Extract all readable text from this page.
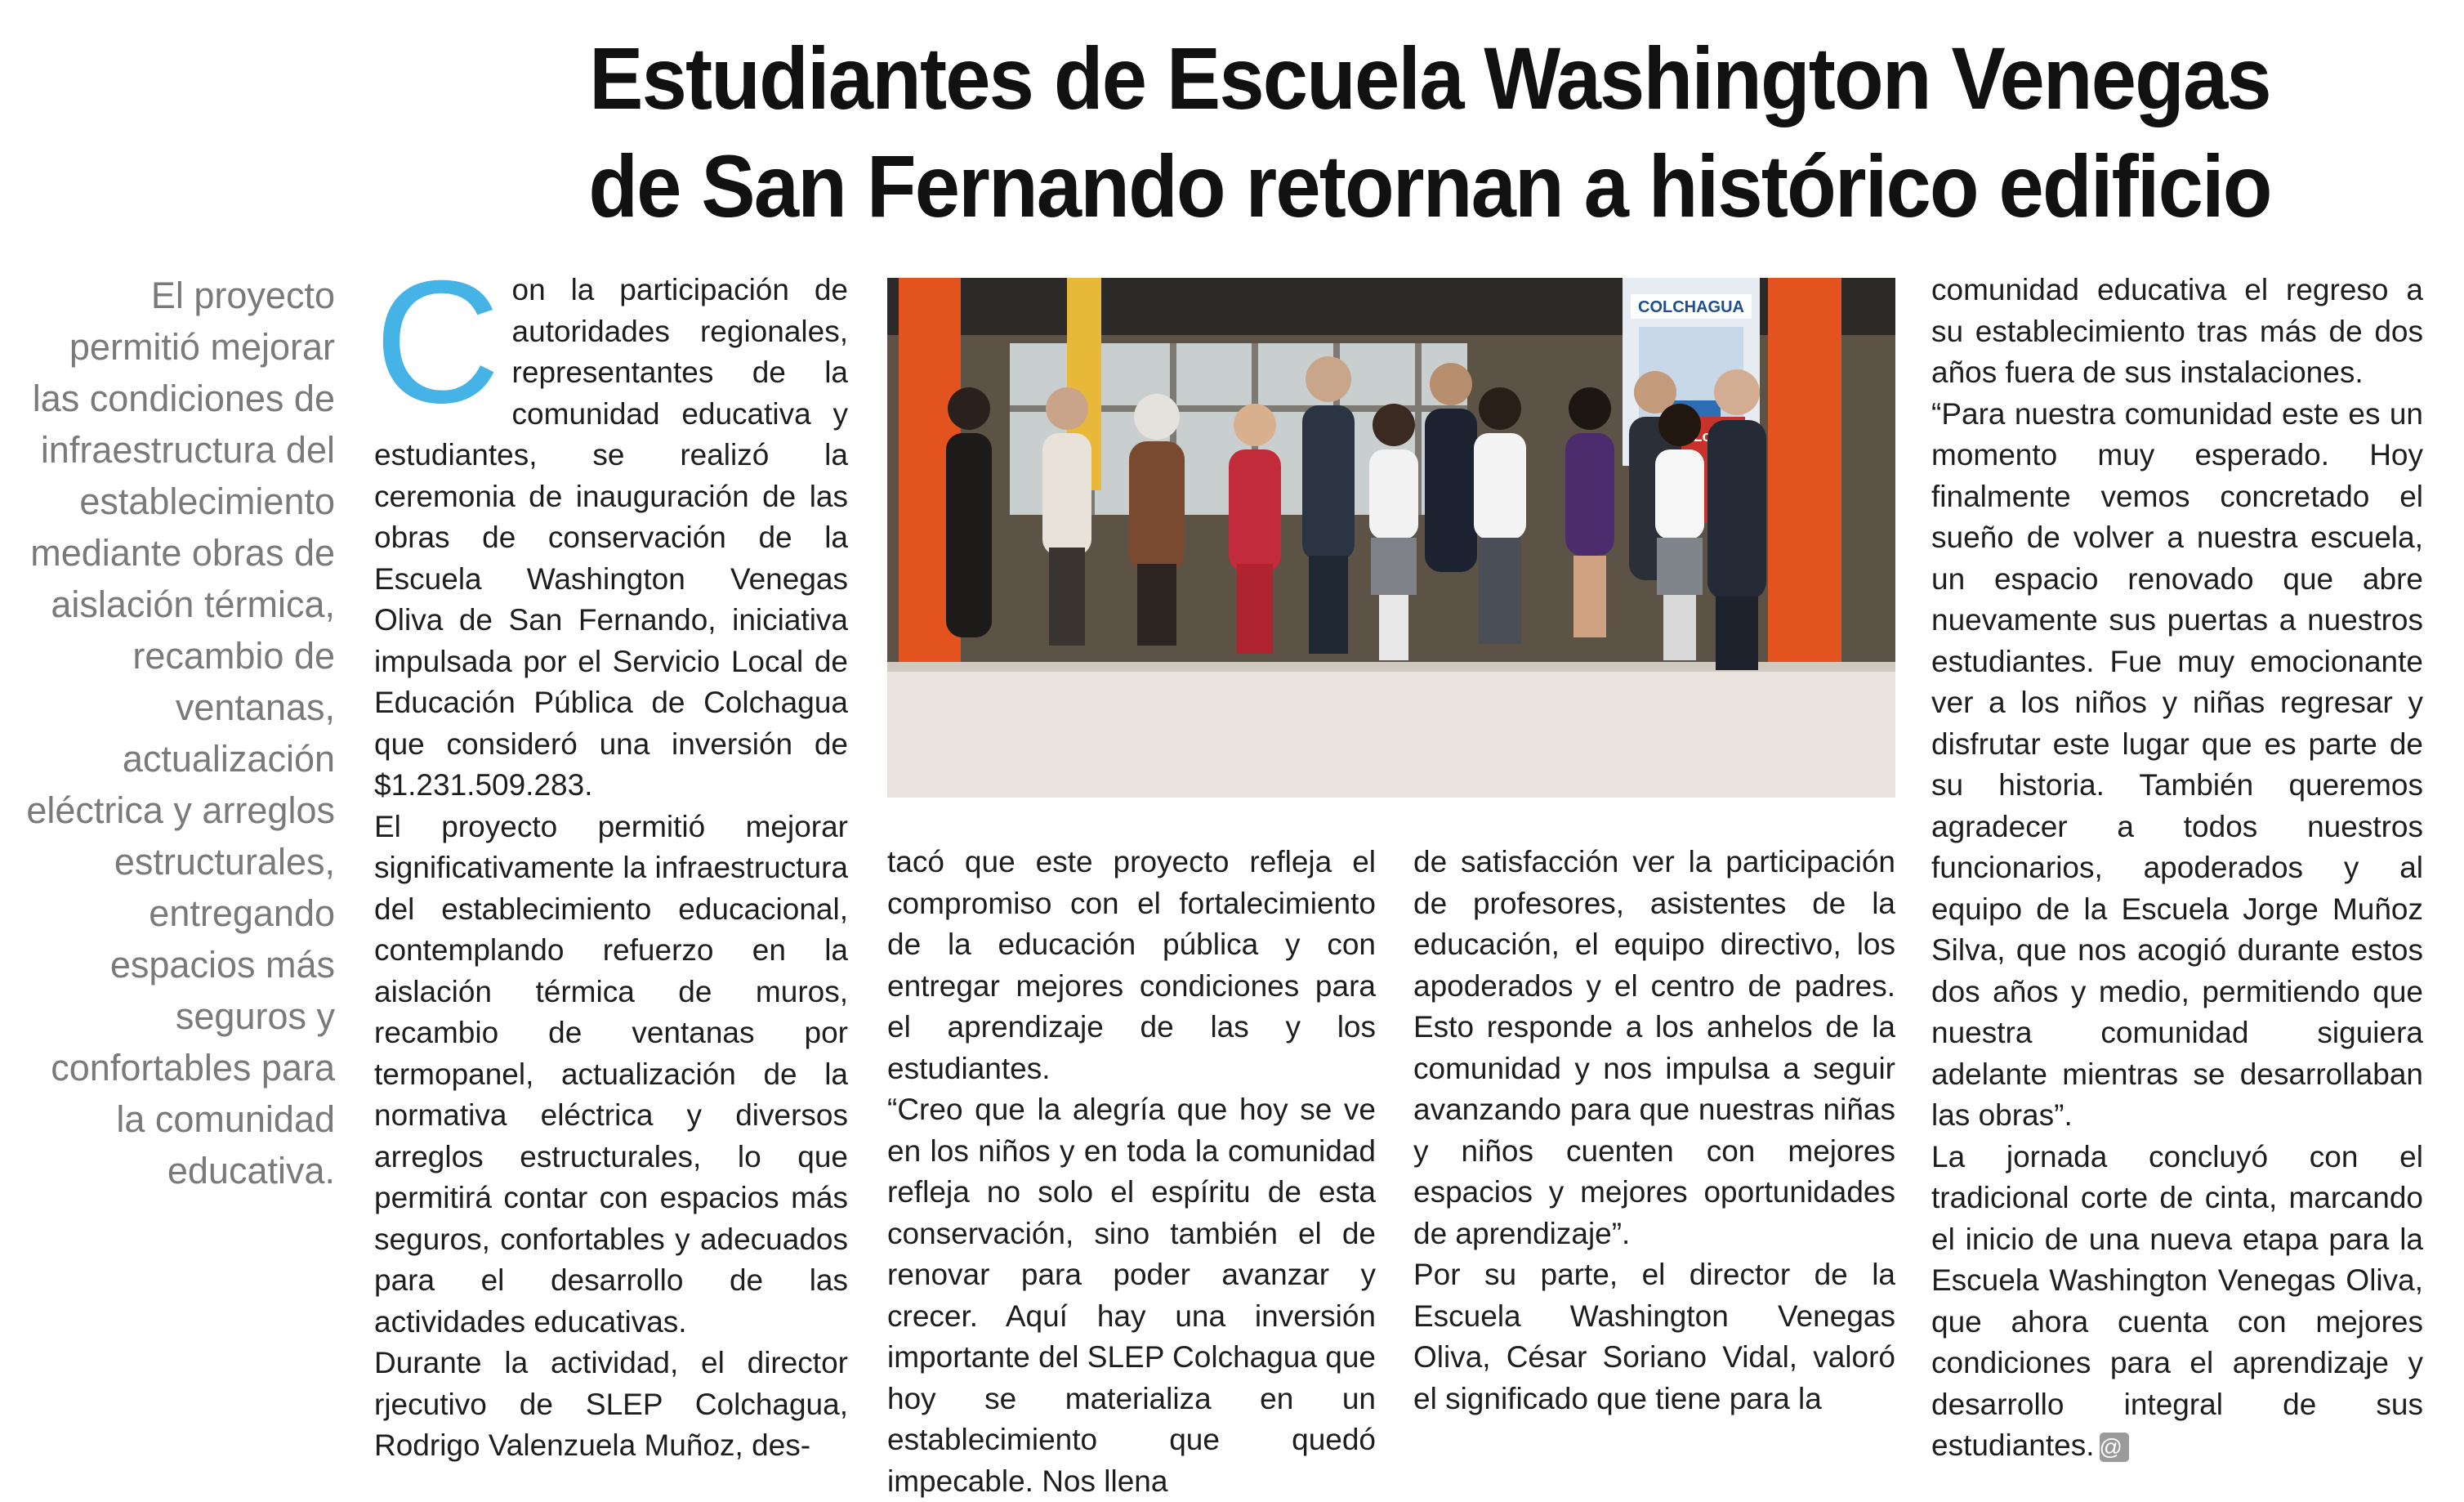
Estudiantes de Escuela Washington Venegas
de San Fernando retornan a histórico edificio
El proyecto permitió mejorar las condiciones de infraestructura del establecimiento mediante obras de aislación térmica, recambio de ventanas, actualización eléctrica y arreglos estructurales, entregando espacios más seguros y confortables para la comunidad educativa.
C on la participación de autoridades regionales, representantes de la comunidad educativa y estudiantes, se realizó la ceremonia de inauguración de las obras de conservación de la Escuela Washington Venegas Oliva de San Fernando, iniciativa impulsada por el Servicio Local de Educación Pública de Colchagua que consideró una inversión de $1.231.509.283.

El proyecto permitió mejorar significativamente la infraestructura del establecimiento educacional, contemplando refuerzo en la aislación térmica de muros, recambio de ventanas por termopanel, actualización de la normativa eléctrica y diversos arreglos estructurales, lo que permitirá contar con espacios más seguros, confortables y adecuados para el desarrollo de las actividades educativas.

Durante la actividad, el director rjecutivo de SLEP Colchagua, Rodrigo Valenzuela Muñoz, des-

COLCHAGUA

tacó que este proyecto refleja el compromiso con el fortalecimiento de la educación pública y con entregar mejores condiciones para el aprendizaje de las y los estudiantes.

“Creo que la alegría que hoy se ve en los niños y en toda la comunidad refleja no solo el espíritu de esta conservación, sino también el de renovar para poder avanzar y crecer. Aquí hay una inversión importante del SLEP Colchagua que hoy se materializa en un establecimiento que quedó impecable. Nos llena

de satisfacción ver la participación de profesores, asistentes de la educación, el equipo directivo, los apoderados y el centro de padres. Esto responde a los anhelos de la comunidad y nos impulsa a seguir avanzando para que nuestras niñas y niños cuenten con mejores espacios y mejores oportunidades de aprendizaje”.

Por su parte, el director de la Escuela Washington Venegas Oliva, César Soriano Vidal, valoró el significado que tiene para la

comunidad educativa el regreso a su establecimiento tras más de dos años fuera de sus instalaciones.

“Para nuestra comunidad este es un momento muy esperado. Hoy finalmente vemos concretado el sueño de volver a nuestra escuela, un espacio renovado que abre nuevamente sus puertas a nuestros estudiantes. Fue muy emocionante ver a los niños y niñas regresar y disfrutar este lugar que es parte de su historia. También queremos agradecer a todos nuestros funcionarios, apoderados y al equipo de la Escuela Jorge Muñoz Silva, que nos acogió durante estos dos años y medio, permitiendo que nuestra comunidad siguiera adelante mientras se desarrollaban las obras”.

La jornada concluyó con el tradicional corte de cinta, marcando el inicio de una nueva etapa para la Escuela Washington Venegas Oliva, que ahora cuenta con mejores condiciones para el aprendizaje y desarrollo integral de sus estudiantes. @
